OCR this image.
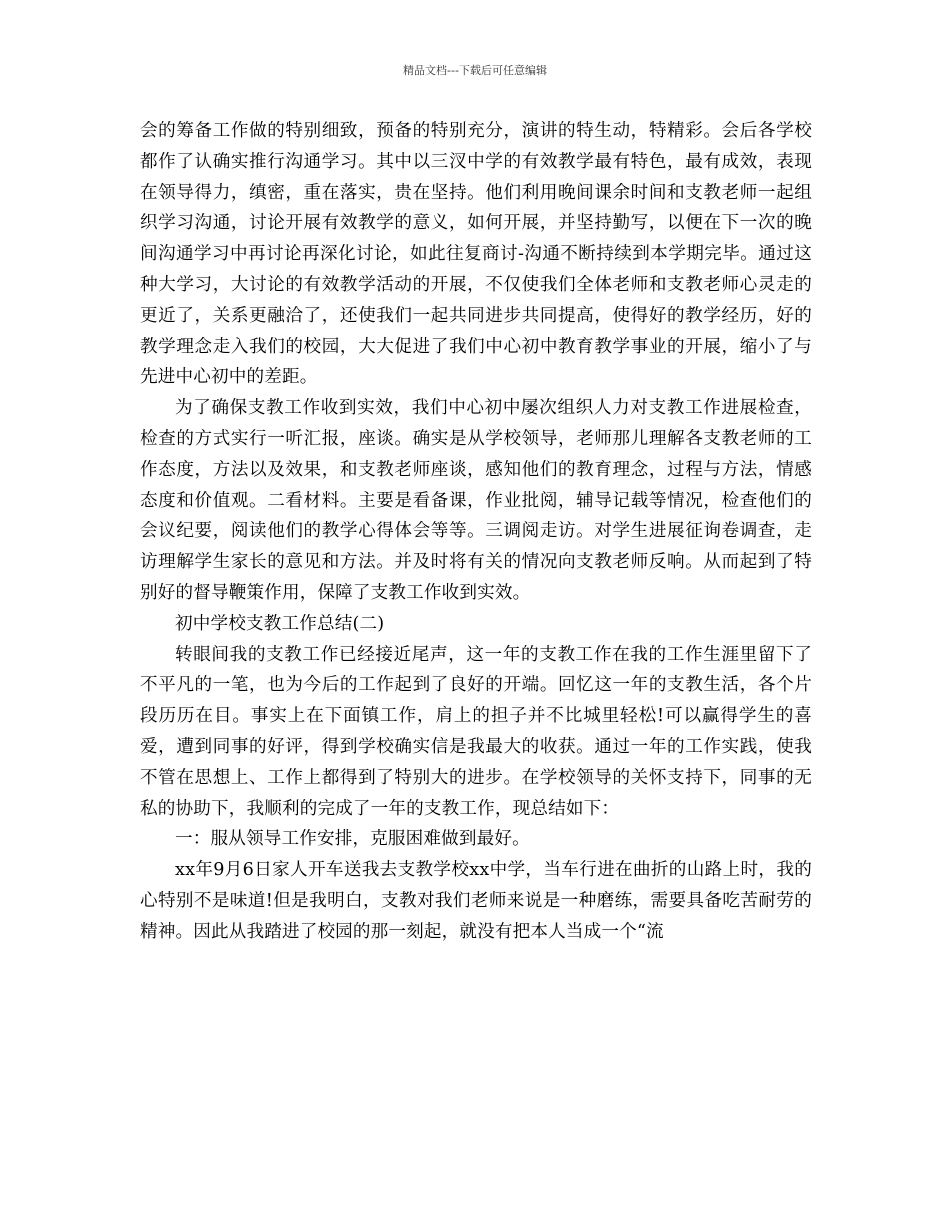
精品文档---下载后可任意编辑

会的筹备工作做的特别细致，预备的特别充分，演讲的特生动，特精彩。会后各学校都作了认确实推行沟通学习。其中以三汊中学的有效教学最有特色，最有成效，表现在领导得力，缜密，重在落实，贵在坚持。他们利用晚间课余时间和支教老师一起组织学习沟通，讨论开展有效教学的意义，如何开展，并坚持勤写，以便在下一次的晚间沟通学习中再讨论再深化讨论，如此往复商讨-沟通不断持续到本学期完毕。通过这种大学习，大讨论的有效教学活动的开展，不仅使我们全体老师和支教老师心灵走的更近了，关系更融洽了，还使我们一起共同进步共同提高，使得好的教学经历，好的教学理念走入我们的校园，大大促进了我们中心初中教育教学事业的开展，缩小了与先进中心初中的差距。

为了确保支教工作收到实效，我们中心初中屡次组织人力对支教工作进展检查，检查的方式实行一听汇报，座谈。确实是从学校领导，老师那儿理解各支教老师的工作态度，方法以及效果，和支教老师座谈，感知他们的教育理念，过程与方法，情感态度和价值观。二看材料。主要是看备课，作业批阅，辅导记载等情况，检查他们的会议纪要，阅读他们的教学心得体会等等。三调阅走访。对学生进展征询卷调查，走访理解学生家长的意见和方法。并及时将有关的情况向支教老师反响。从而起到了特别好的督导鞭策作用，保障了支教工作收到实效。

初中学校支教工作总结(二)

转眼间我的支教工作已经接近尾声，这一年的支教工作在我的工作生涯里留下了不平凡的一笔，也为今后的工作起到了良好的开端。回忆这一年的支教生活，各个片段历历在目。事实上在下面镇工作，肩上的担子并不比城里轻松!可以赢得学生的喜爱，遭到同事的好评，得到学校确实信是我最大的收获。通过一年的工作实践，使我不管在思想上、工作上都得到了特别大的进步。在学校领导的关怀支持下，同事的无私的协助下，我顺利的完成了一年的支教工作，现总结如下：

一：服从领导工作安排，克服困难做到最好。

xx年9月6日家人开车送我去支教学校xx中学，当车行进在曲折的山路上时，我的心特别不是味道!但是我明白，支教对我们老师来说是一种磨练，需要具备吃苦耐劳的精神。因此从我踏进了校园的那一刻起，就没有把本人当成一个“流
